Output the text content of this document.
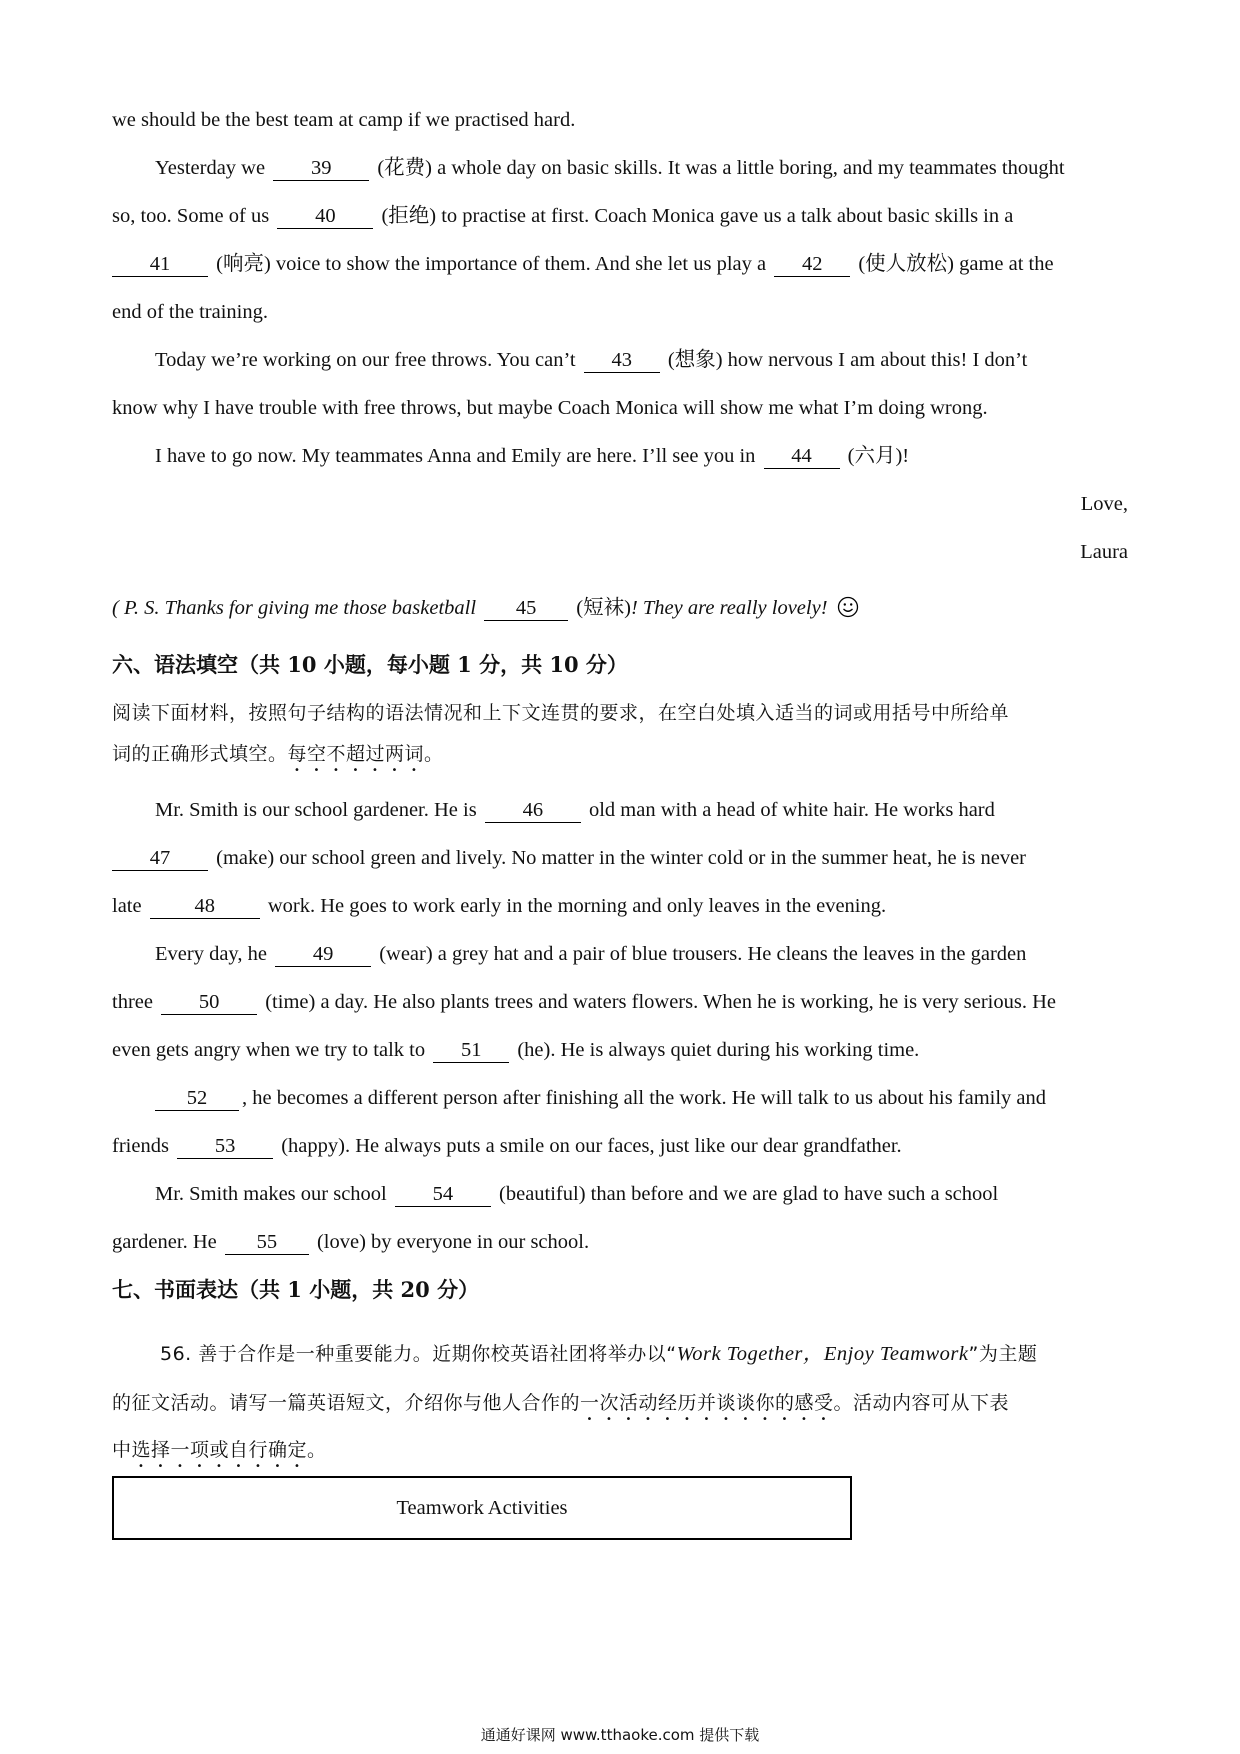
we should be the best team at camp if we practised hard.
Yesterday we 39 (花费) a whole day on basic skills. It was a little boring, and my teammates thought
so, too. Some of us 40 (拒绝) to practise at first. Coach Monica gave us a talk about basic skills in a
41 (响亮) voice to show the importance of them. And she let us play a 42 (使人放松) game at the
end of the training.
Today we’re working on our free throws. You can’t 43 (想象) how nervous I am about this! I don’t
know why I have trouble with free throws, but maybe Coach Monica will show me what I’m doing wrong.
I have to go now. My teammates Anna and Emily are here. I’ll see you in 44 (六月)!
Love,
Laura
( P. S. Thanks for giving me those basketball 45 (短袜)! They are really lovely!
六、语法填空（共 10 小题，每小题 1 分，共 10 分）
阅读下面材料，按照句子结构的语法情况和上下文连贯的要求，在空白处填入适当的词或用括号中所给单
词的正确形式填空。每空不超过两词。
Mr. Smith is our school gardener. He is 46 old man with a head of white hair. He works hard
47 (make) our school green and lively. No matter in the winter cold or in the summer heat, he is never
late	48	work. He goes to work early in the morning and only leaves in the evening.
Every day, he 49 (wear) a grey hat and a pair of blue trousers. He cleans the leaves in the garden
three 50 (time) a day. He also plants trees and waters flowers. When he is working, he is very serious. He
even gets angry when we try to talk to 51 (he). He is always quiet during his working time.
52 , he becomes a different person after finishing all the work. He will talk to us about his family and
friends 53 (happy). He always puts a smile on our faces, just like our dear grandfather.
Mr. Smith makes our school 54 (beautiful) than before and we are glad to have such a school
gardener. He 55 (love) by everyone in our school.
七、书面表达（共 1 小题，共 20 分）
56. 善于合作是一种重要能力。近期你校英语社团将举办以“Work Together，Enjoy Teamwork”为主题
的征文活动。请写一篇英语短文，介绍你与他人合作的一次活动经历并谈谈你的感受。活动内容可从下表
中选择一项或自行确定。
Teamwork Activities
通通好课网 www.tthaoke.com 提供下载
